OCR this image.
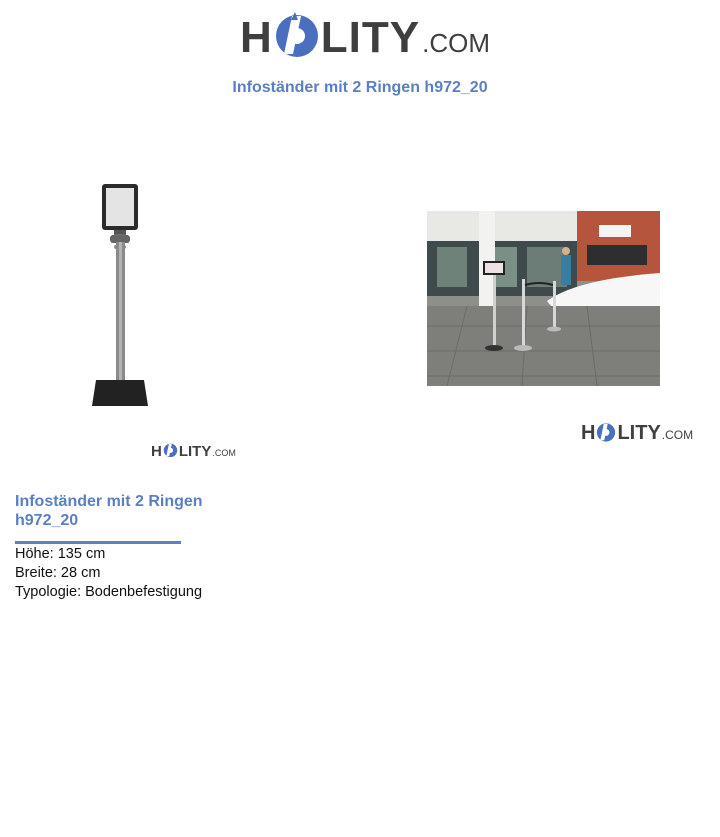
H LITY .COM
Infoständer mit 2 Ringen h972_20
H LITY .COM
H LITY .COM
Infoständer mit 2 Ringen h972_20
Höhe: 135 cm
Breite: 28 cm
Typologie: Bodenbefestigung
